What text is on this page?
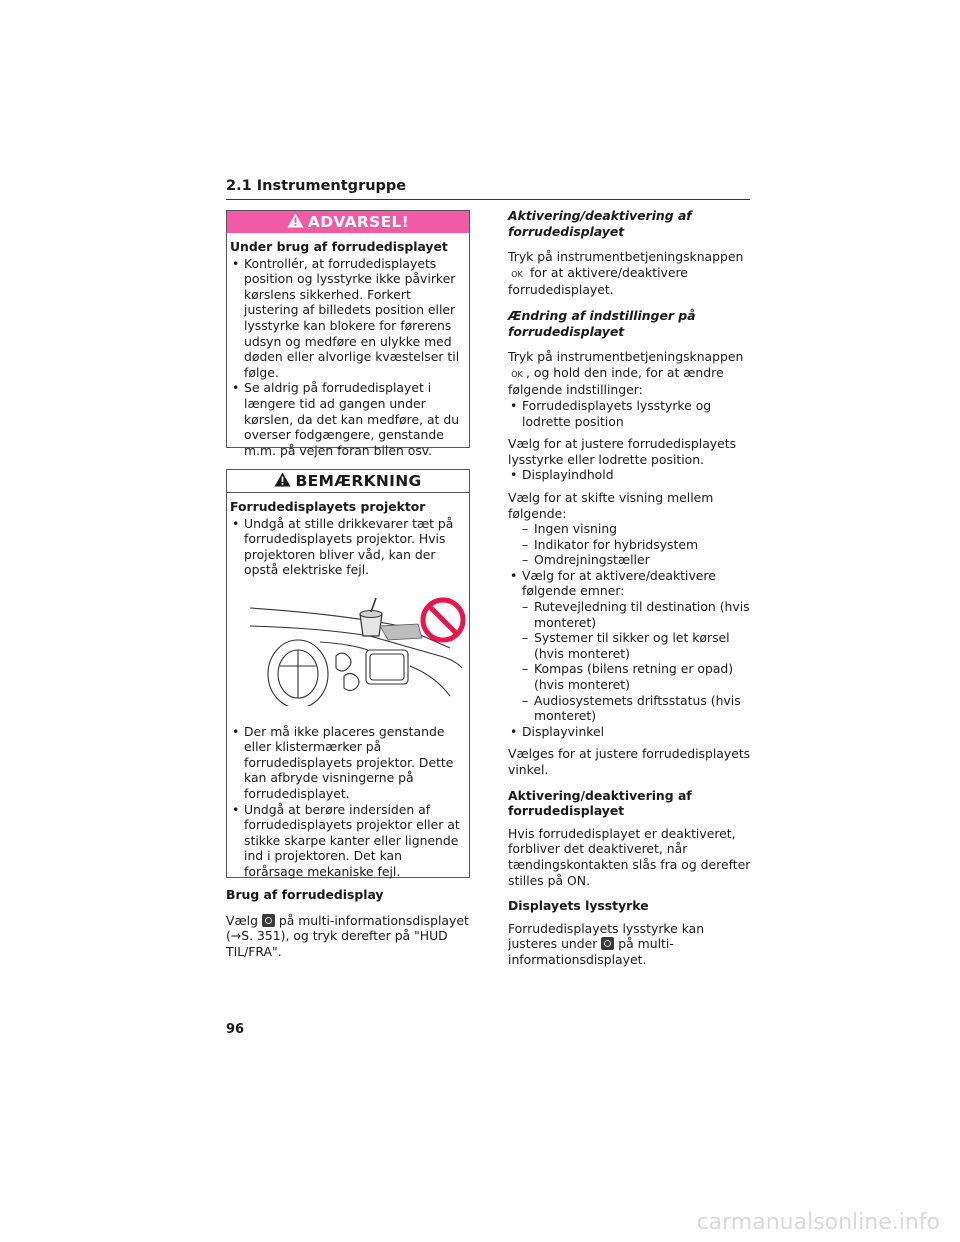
2.1 Instrumentgruppe
ADVARSEL!
Under brug af forrudedisplayet
• Kontrollér, at forrudedisplayets position og lysstyrke ikke påvirker kørslens sikkerhed. Forkert justering af billedets position eller lysstyrke kan blokere for førerens udsyn og medføre en ulykke med døden eller alvorlige kvæstelser til følge.
• Se aldrig på forrudedisplayet i længere tid ad gangen under kørslen, da det kan medføre, at du overser fodgængere, genstande m.m. på vejen foran bilen osv.
BEMÆRKNING
Forrudedisplayets projektor
• Undgå at stille drikkevarer tæt på forrudedisplayets projektor. Hvis projektoren bliver våd, kan der opstå elektriske fejl.
• Der må ikke placeres genstande eller klistermærker på forrudedisplayets projektor. Dette kan afbryde visningerne på forrudedisplayet.
• Undgå at berøre indersiden af forrudedisplayets projektor eller at stikke skarpe kanter eller lignende ind i projektoren. Det kan forårsage mekaniske fejl.

Brug af forrudedisplay

Vælg  på multi-informationsdisplayet (→S. 351), og tryk derefter på "HUD TIL/FRA".

Aktivering/deaktivering af forrudedisplayet

Tryk på instrumentbetjeningsknappen OK for at aktivere/deaktivere forrudedisplayet.

Ændring af indstillinger på forrudedisplayet

Tryk på instrumentbetjeningsknappen OK , og hold den inde, for at ændre følgende indstillinger:

• Forrudedisplayets lysstyrke og lodrette position

Vælg for at justere forrudedisplayets lysstyrke eller lodrette position.

• Displayindhold

Vælg for at skifte visning mellem følgende:

– Ingen visning
– Indikator for hybridsystem
– Omdrejningstæller
• Vælg for at aktivere/deaktivere følgende emner:
– Rutevejledning til destination (hvis monteret)
– Systemer til sikker og let kørsel (hvis monteret)
– Kompas (bilens retning er opad) (hvis monteret)
– Audiosystemets driftsstatus (hvis monteret)
• Displayvinkel

Vælges for at justere forrudedisplayets vinkel.

Aktivering/deaktivering af forrudedisplayet

Hvis forrudedisplayet er deaktiveret, forbliver det deaktiveret, når tændingskontakten slås fra og derefter stilles på ON.

Displayets lysstyrke

Forrudedisplayets lysstyrke kan justeres under  på multi-informationsdisplayet.

96
carmanualsonline.info
